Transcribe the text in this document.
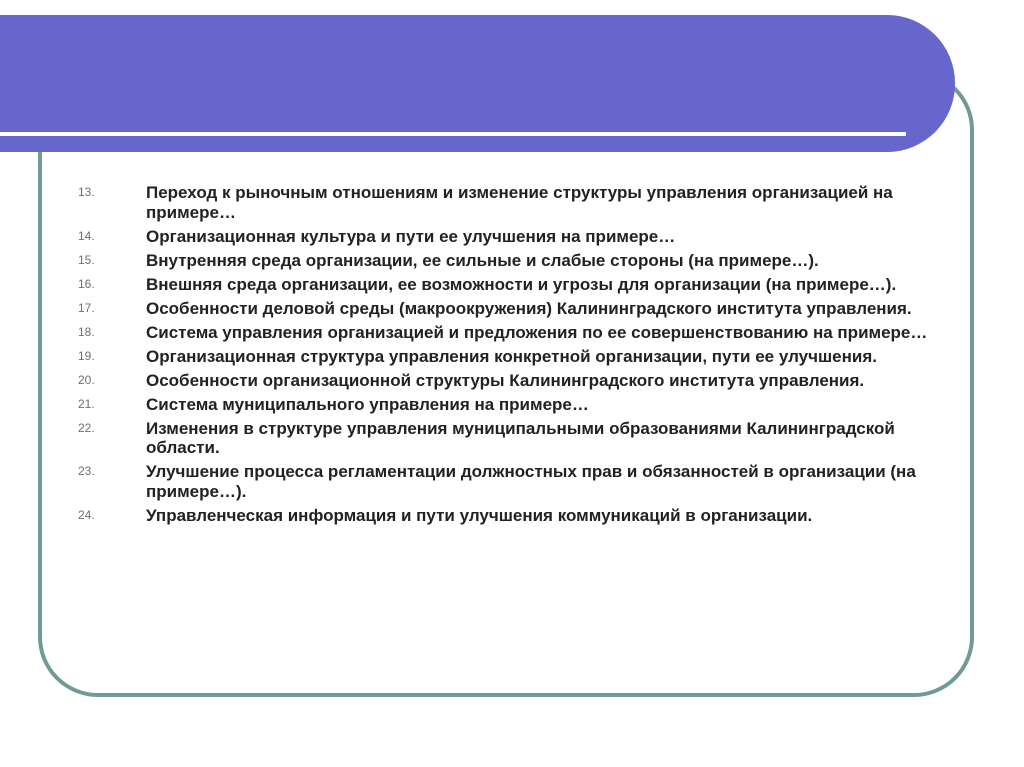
13.	Переход к рыночным отношениям и изменение структуры управления организацией на примере…
14.	Организационная культура и пути ее улучшения на примере…
15.	Внутренняя среда организации, ее сильные и слабые стороны (на примере…).
16.	Внешняя среда организации, ее возможности и угрозы для организации (на примере…).
17.	Особенности деловой среды (макроокружения) Калининградского института управления.
18.	Система управления организацией и предложения по ее совершенствованию на примере…
19.	Организационная структура управления конкретной организации, пути ее улучшения.
20.	Особенности организационной структуры Калининградского института управления.
21.	Система муниципального управления на примере…
22.	Изменения в структуре управления муниципальными образованиями Калининградской области.
23.	Улучшение процесса регламентации должностных прав и обязанностей в организации (на примере…).
24.	Управленческая информация и пути улучшения коммуникаций в организации.
